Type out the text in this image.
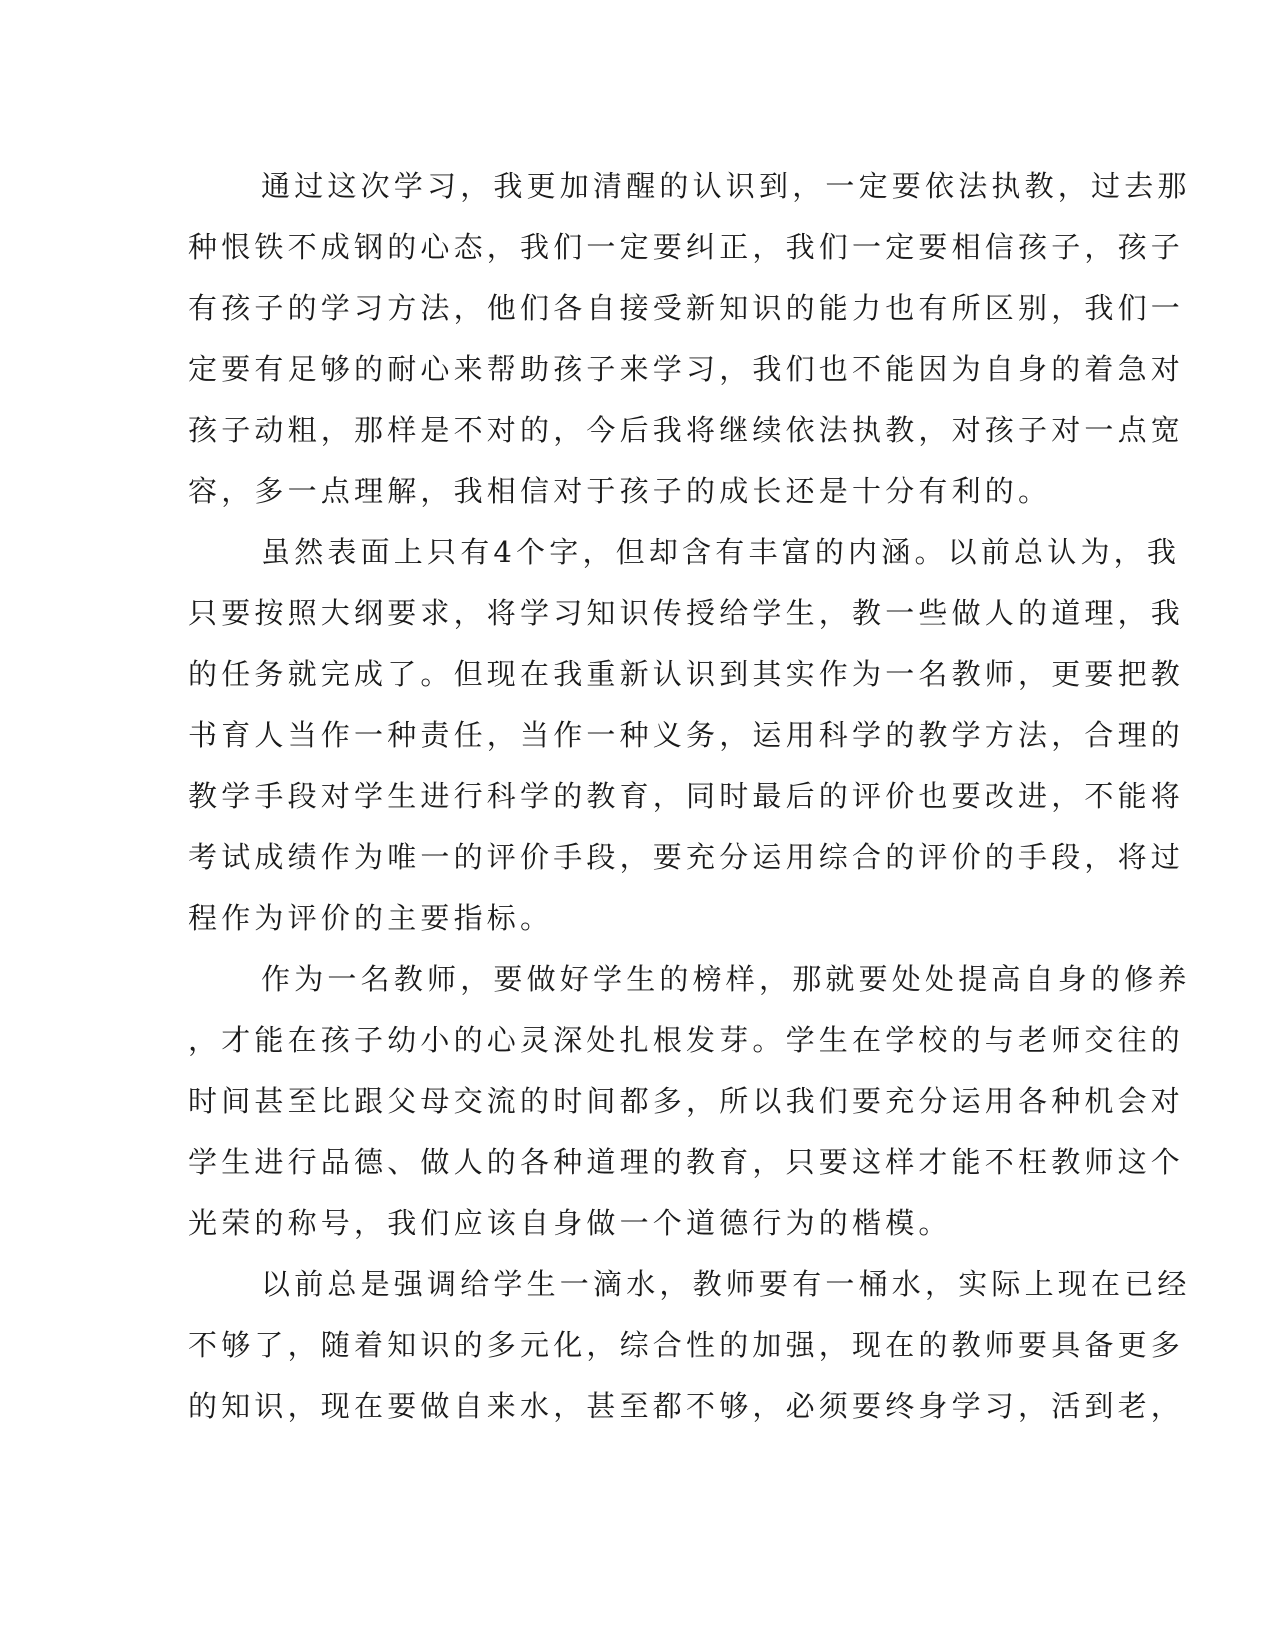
通过这次学习，我更加清醒的认识到，一定要依法执教，过去那
种恨铁不成钢的心态，我们一定要纠正，我们一定要相信孩子，孩子
有孩子的学习方法，他们各自接受新知识的能力也有所区别，我们一
定要有足够的耐心来帮助孩子来学习，我们也不能因为自身的着急对
孩子动粗，那样是不对的，今后我将继续依法执教，对孩子对一点宽
容，多一点理解，我相信对于孩子的成长还是十分有利的。
虽然表面上只有4个字，但却含有丰富的内涵。以前总认为，我
只要按照大纲要求，将学习知识传授给学生，教一些做人的道理，我
的任务就完成了。但现在我重新认识到其实作为一名教师，更要把教
书育人当作一种责任，当作一种义务，运用科学的教学方法，合理的
教学手段对学生进行科学的教育，同时最后的评价也要改进，不能将
考试成绩作为唯一的评价手段，要充分运用综合的评价的手段，将过
程作为评价的主要指标。
作为一名教师，要做好学生的榜样，那就要处处提高自身的修养
，才能在孩子幼小的心灵深处扎根发芽。学生在学校的与老师交往的
时间甚至比跟父母交流的时间都多，所以我们要充分运用各种机会对
学生进行品德、做人的各种道理的教育，只要这样才能不枉教师这个
光荣的称号，我们应该自身做一个道德行为的楷模。
以前总是强调给学生一滴水，教师要有一桶水，实际上现在已经
不够了，随着知识的多元化，综合性的加强，现在的教师要具备更多
的知识，现在要做自来水，甚至都不够，必须要终身学习，活到老，
